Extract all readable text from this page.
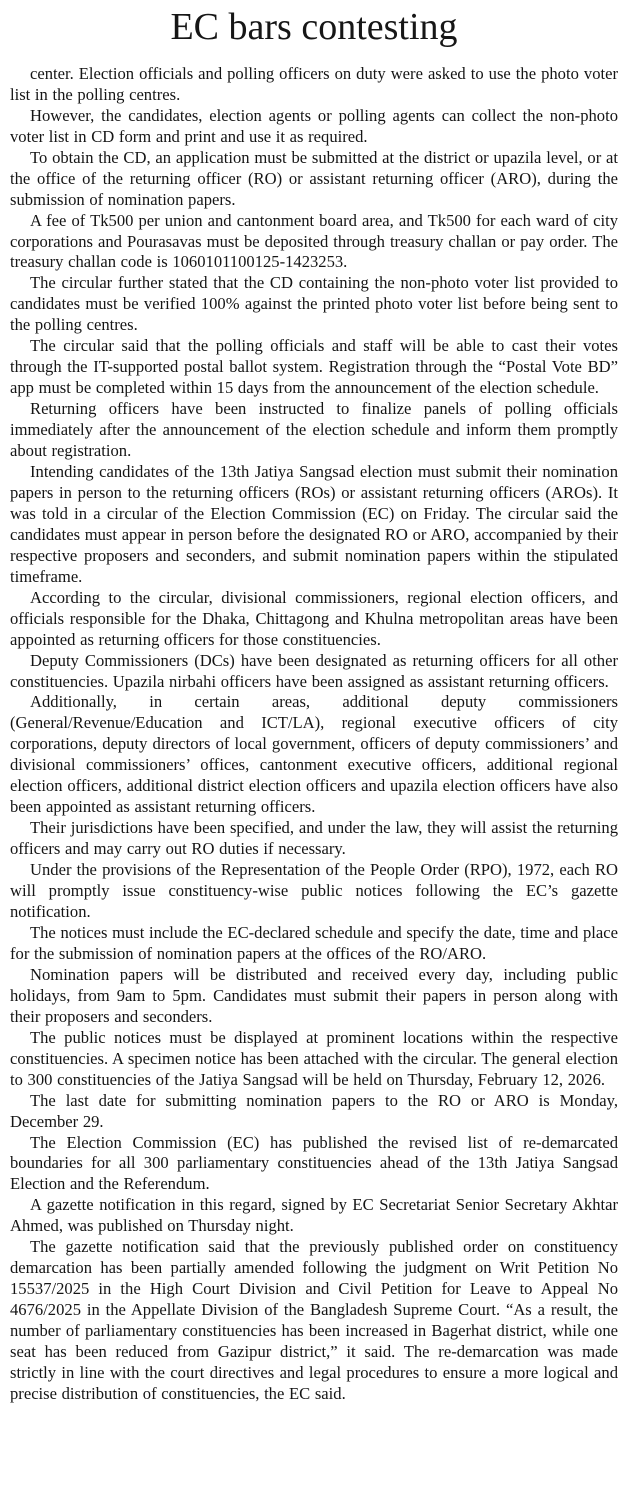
EC bars contesting

center. Election officials and polling officers on duty were asked to use the photo voter list in the polling centres.

However, the candidates, election agents or polling agents can collect the non-photo voter list in CD form and print and use it as required.

To obtain the CD, an application must be submitted at the district or upazila level, or at the office of the returning officer (RO) or assistant returning officer (ARO), during the submission of nomination papers.

A fee of Tk500 per union and cantonment board area, and Tk500 for each ward of city corporations and Pourasavas must be deposited through treasury challan or pay order. The treasury challan code is 1060101100125-1423253.

The circular further stated that the CD containing the non-photo voter list provided to candidates must be verified 100% against the printed photo voter list before being sent to the polling centres.

The circular said that the polling officials and staff will be able to cast their votes through the IT-supported postal ballot system. Registration through the “Postal Vote BD” app must be completed within 15 days from the announcement of the election schedule.

Returning officers have been instructed to finalize panels of polling officials immediately after the announcement of the election schedule and inform them promptly about registration.

Intending candidates of the 13th Jatiya Sangsad election must submit their nomination papers in person to the returning officers (ROs) or assistant returning officers (AROs). It was told in a circular of the Election Commission (EC) on Friday. The circular said the candidates must appear in person before the designated RO or ARO, accompanied by their respective proposers and seconders, and submit nomination papers within the stipulated timeframe.

According to the circular, divisional commissioners, regional election officers, and officials responsible for the Dhaka, Chittagong and Khulna metropolitan areas have been appointed as returning officers for those constituencies.

Deputy Commissioners (DCs) have been designated as returning officers for all other constituencies. Upazila nirbahi officers have been assigned as assistant returning officers.

Additionally, in certain areas, additional deputy commissioners (General/Revenue/Education and ICT/LA), regional executive officers of city corporations, deputy directors of local government, officers of deputy commissioners’ and divisional commissioners’ offices, cantonment executive officers, additional regional election officers, additional district election officers and upazila election officers have also been appointed as assistant returning officers.

Their jurisdictions have been specified, and under the law, they will assist the returning officers and may carry out RO duties if necessary.

Under the provisions of the Representation of the People Order (RPO), 1972, each RO will promptly issue constituency-wise public notices following the EC’s gazette notification.

The notices must include the EC-declared schedule and specify the date, time and place for the submission of nomination papers at the offices of the RO/ARO.

Nomination papers will be distributed and received every day, including public holidays, from 9am to 5pm. Candidates must submit their papers in person along with their proposers and seconders.

The public notices must be displayed at prominent locations within the respective constituencies. A specimen notice has been attached with the circular. The general election to 300 constituencies of the Jatiya Sangsad will be held on Thursday, February 12, 2026.

The last date for submitting nomination papers to the RO or ARO is Monday, December 29.

The Election Commission (EC) has published the revised list of re-demarcated boundaries for all 300 parliamentary constituencies ahead of the 13th Jatiya Sangsad Election and the Referendum.

A gazette notification in this regard, signed by EC Secretariat Senior Secretary Akhtar Ahmed, was published on Thursday night.

The gazette notification said that the previously published order on constituency demarcation has been partially amended following the judgment on Writ Petition No 15537/2025 in the High Court Division and Civil Petition for Leave to Appeal No 4676/2025 in the Appellate Division of the Bangladesh Supreme Court. “As a result, the number of parliamentary constituencies has been increased in Bagerhat district, while one seat has been reduced from Gazipur district,” it said. The re-demarcation was made strictly in line with the court directives and legal procedures to ensure a more logical and precise distribution of constituencies, the EC said.
